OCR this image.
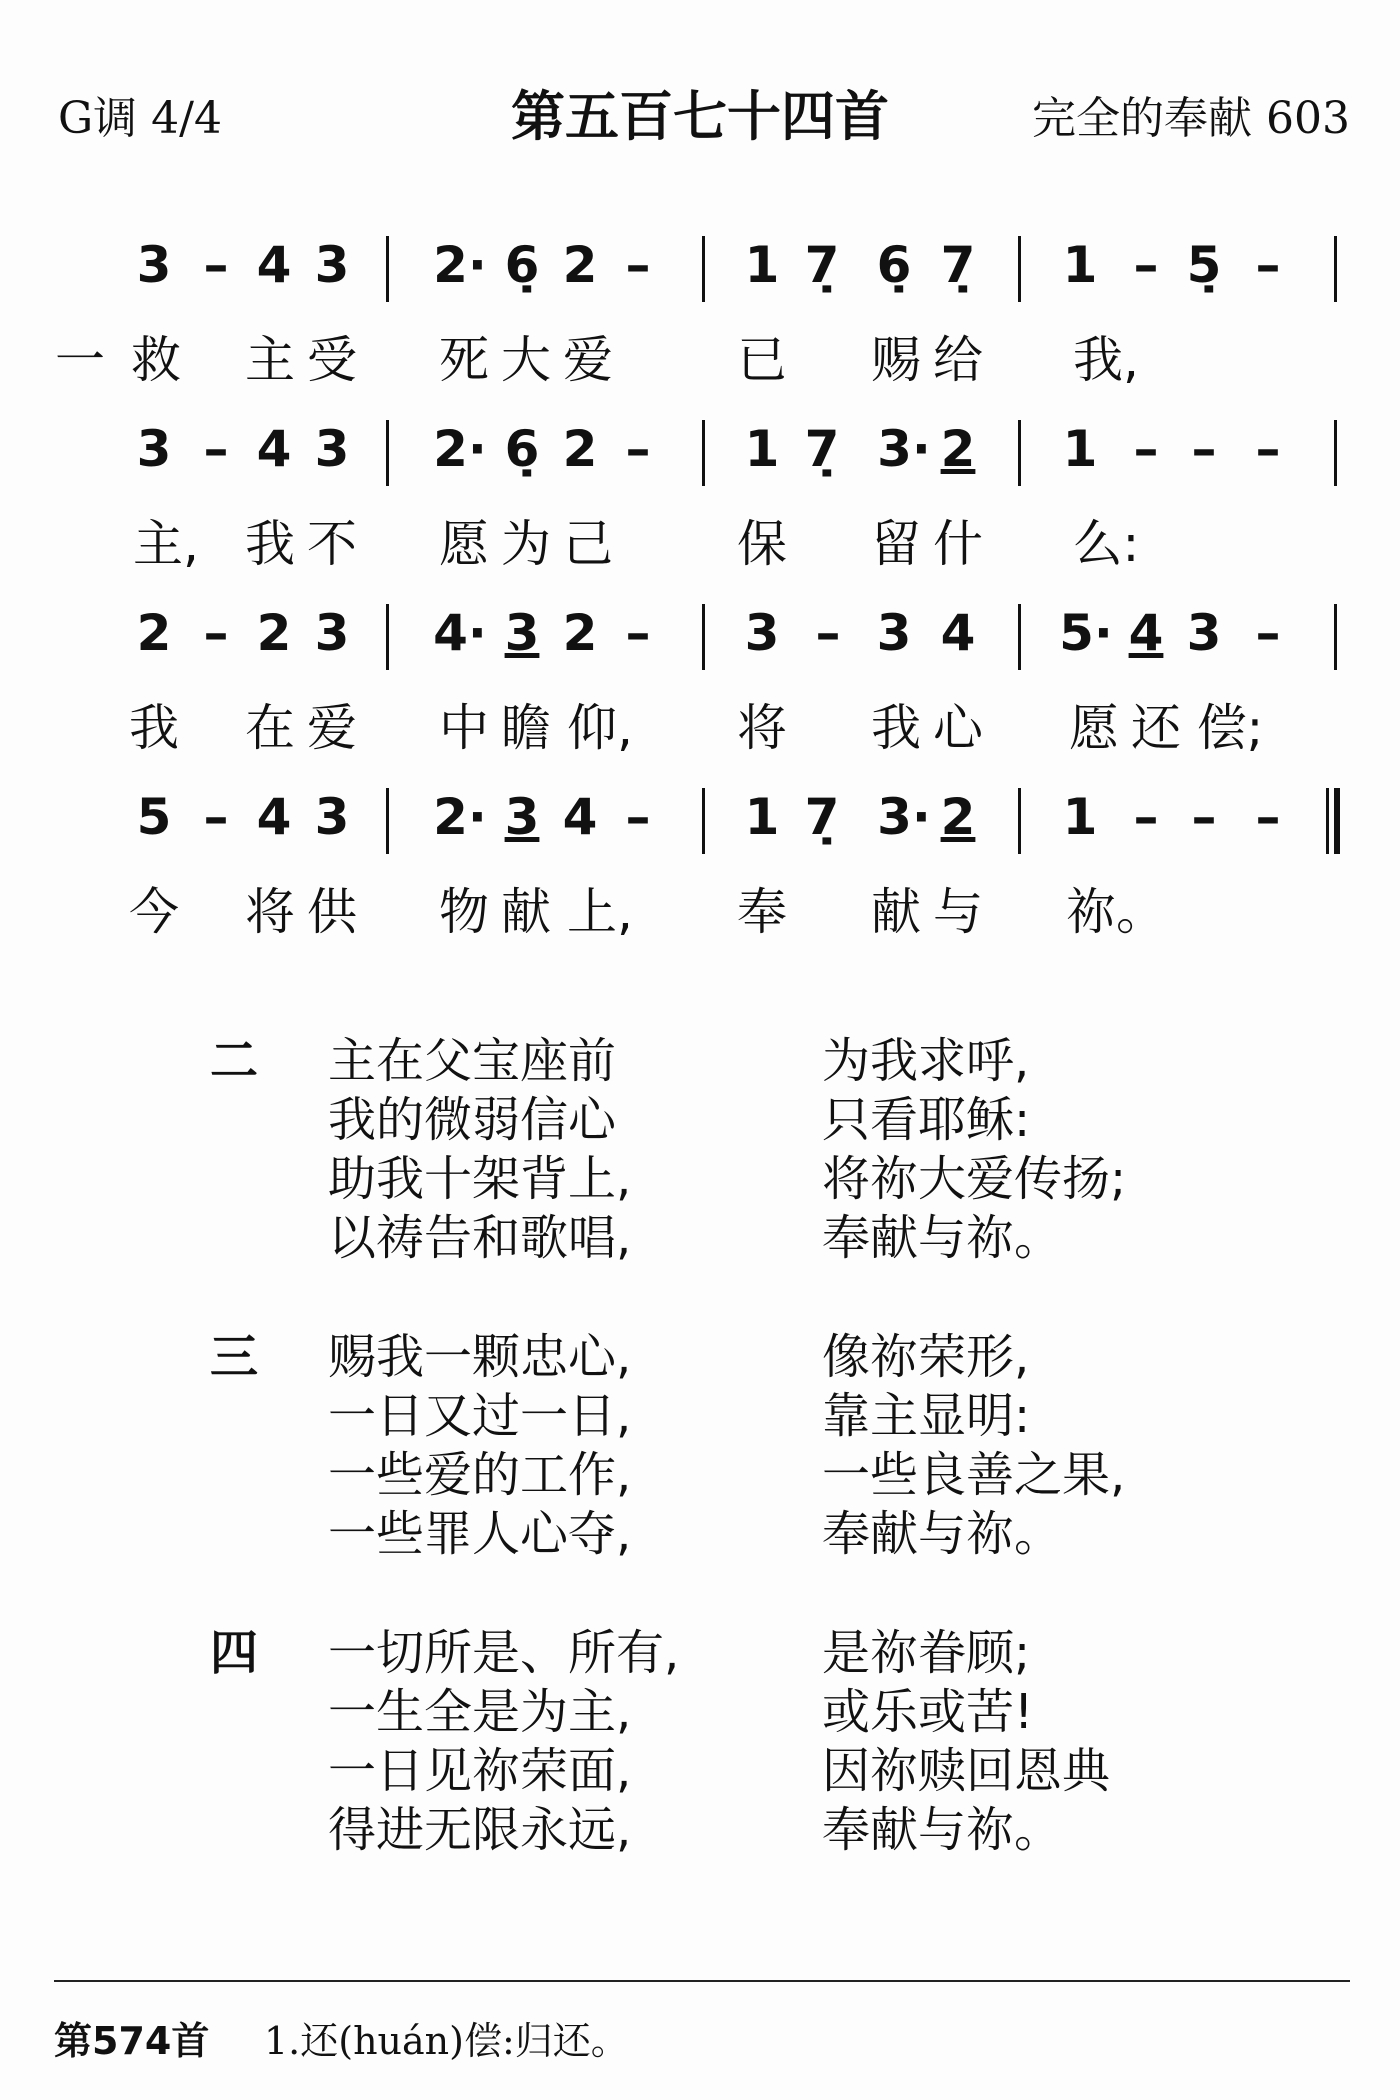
G调 4/4	第五百七十四首	完全的奉献 603
3 – 4 3 2· 6̣ 2 – 1 7̣ 6̣ 7̣ 1 – 5̣ –
一 救 主 受 死 大 爱 已 赐 给 我,
3 – 4 3 2· 6̣ 2 – 1 7̣ 3· 2 1 – – –
主, 我 不 愿 为 己 保 留 什 么:
2 – 2 3 4· 3 2 – 3 – 3 4 5· 4 3 –
我 在 爱 中 瞻 仰, 将 我 心 愿 还 偿;
5 – 4 3 2· 3 4 – 1 7̣ 3· 2 1 – – –
今 将 供 物 献 上, 奉 献 与 祢。
二 主在父宝座前
我的微弱信心
助我十架背上,
以祷告和歌唱,
为我求呼,
只看耶稣:
将祢大爱传扬;
奉献与祢。
三 赐我一颗忠心,
一日又过一日,
一些爱的工作,
一些罪人心夺,
像祢荣形,
靠主显明:
一些良善之果,
奉献与祢。
四 一切所是、所有,
一生全是为主,
一日见祢荣面,
得进无限永远,
是祢眷顾;
或乐或苦!
因祢赎回恩典
奉献与祢。
第574首 1.还(huán)偿:归还。
